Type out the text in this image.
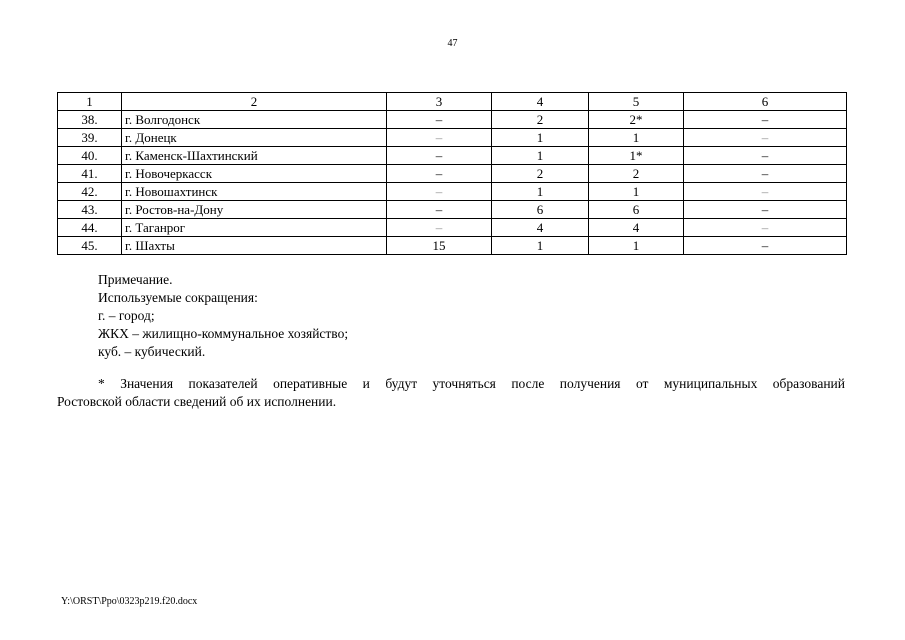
47
1	2	3	4	5	6
38.	г. Волгодонск	–	2	2*	–
39.	г. Донецк	–	1	1	–
40.	г. Каменск-Шахтинский	–	1	1*	–
41.	г. Новочеркасск	–	2	2	–
42.	г. Новошахтинск	–	1	1	–
43.	г. Ростов-на-Дону	–	6	6	–
44.	г. Таганрог	–	4	4	–
45.	г. Шахты	15	1	1	–
Примечание.
Используемые сокращения:
г. – город;
ЖКХ – жилищно-коммунальное хозяйство;
куб. – кубический.
* Значения показателей оперативные и будут уточняться после получения от муниципальных образований
Ростовской области сведений об их исполнении.
Y:\ORST\Ppo\0323p219.f20.docx
